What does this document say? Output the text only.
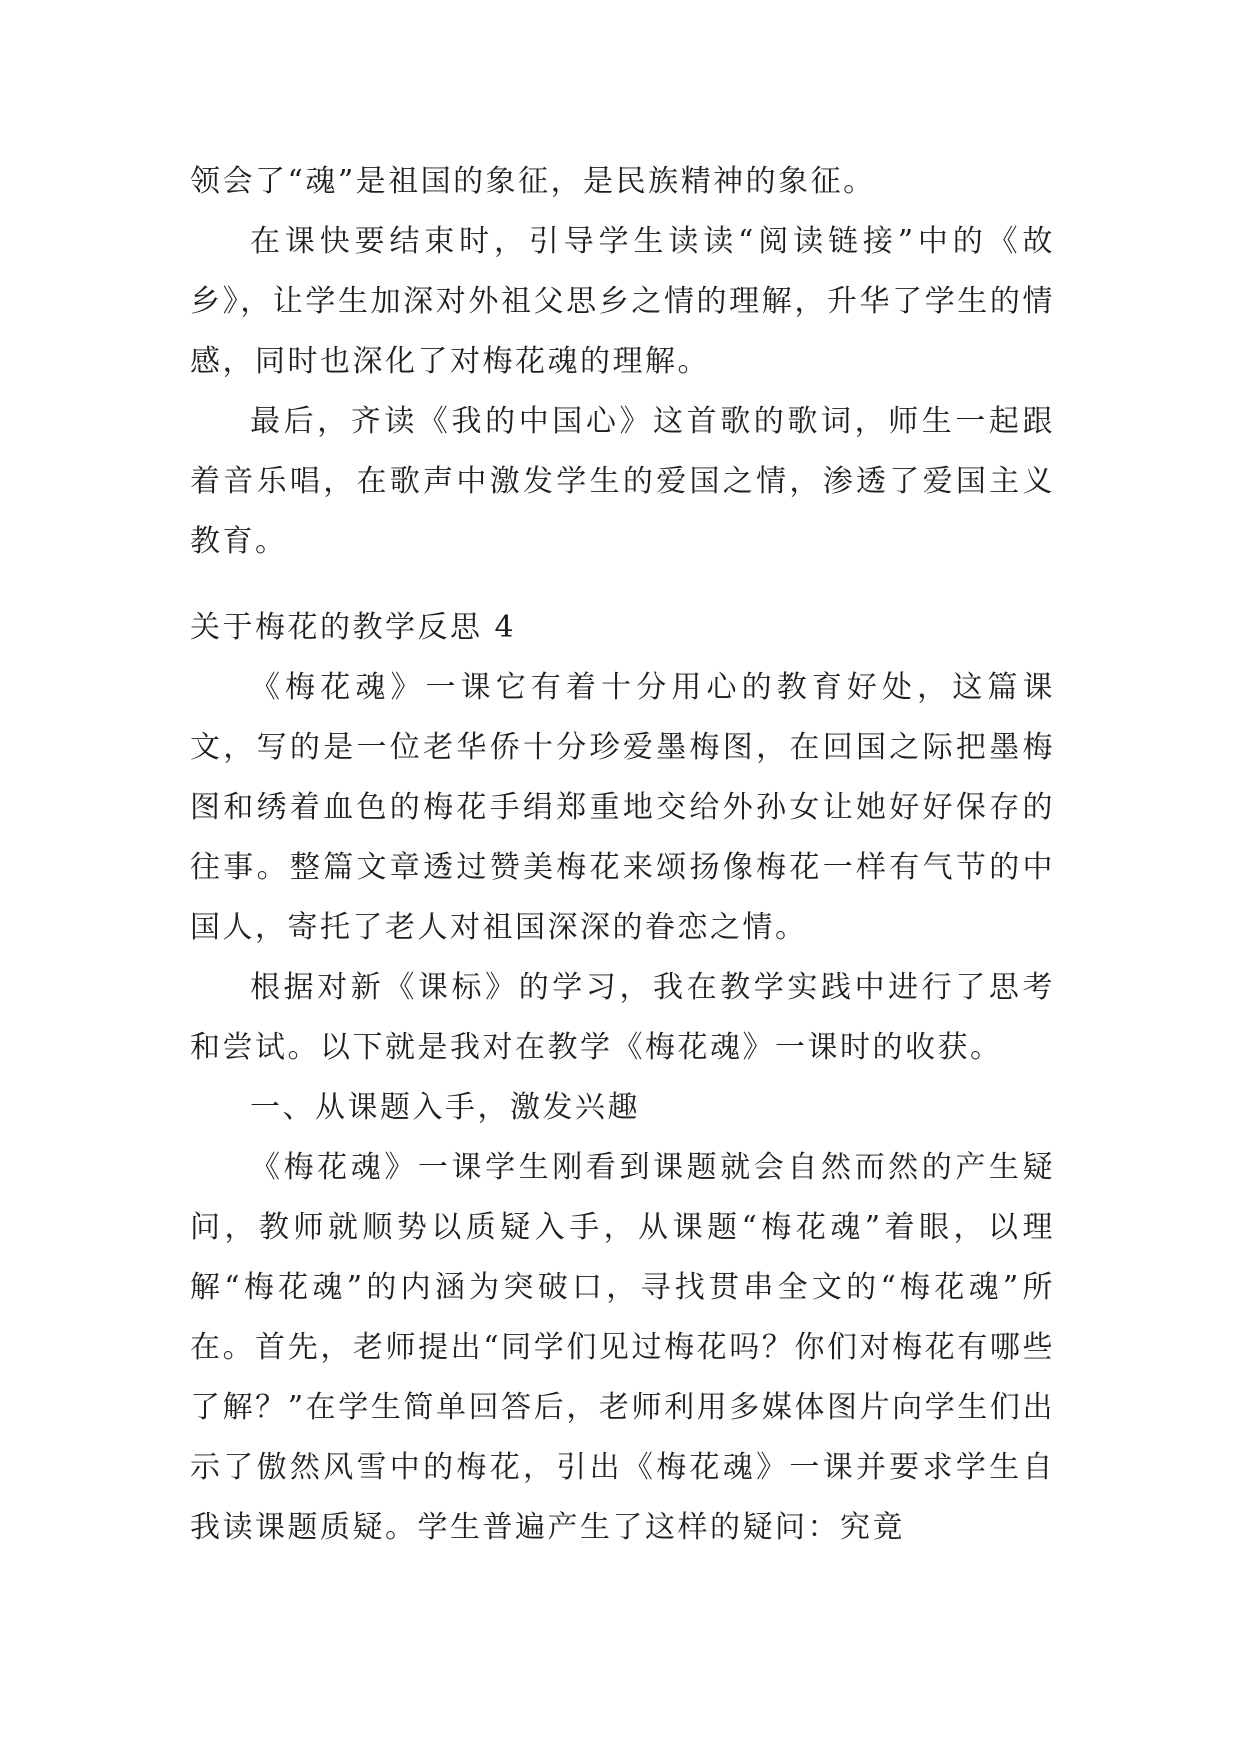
领会了“魂”是祖国的象征，是民族精神的象征。

在课快要结束时，引导学生读读“阅读链接”中的《故乡》，让学生加深对外祖父思乡之情的理解，升华了学生的情感，同时也深化了对梅花魂的理解。

最后，齐读《我的中国心》这首歌的歌词，师生一起跟着音乐唱，在歌声中激发学生的爱国之情，渗透了爱国主义教育。

关于梅花的教学反思 4

《梅花魂》一课它有着十分用心的教育好处，这篇课文，写的是一位老华侨十分珍爱墨梅图，在回国之际把墨梅图和绣着血色的梅花手绢郑重地交给外孙女让她好好保存的往事。整篇文章透过赞美梅花来颂扬像梅花一样有气节的中国人，寄托了老人对祖国深深的眷恋之情。

根据对新《课标》的学习，我在教学实践中进行了思考和尝试。以下就是我对在教学《梅花魂》一课时的收获。

一、从课题入手，激发兴趣

《梅花魂》一课学生刚看到课题就会自然而然的产生疑问，教师就顺势以质疑入手，从课题“梅花魂”着眼，以理解“梅花魂”的内涵为突破口，寻找贯串全文的“梅花魂”所在。首先，老师提出“同学们见过梅花吗？你们对梅花有哪些了解？”在学生简单回答后，老师利用多媒体图片向学生们出示了傲然风雪中的梅花，引出《梅花魂》一课并要求学生自我读课题质疑。学生普遍产生了这样的疑问：究竟
